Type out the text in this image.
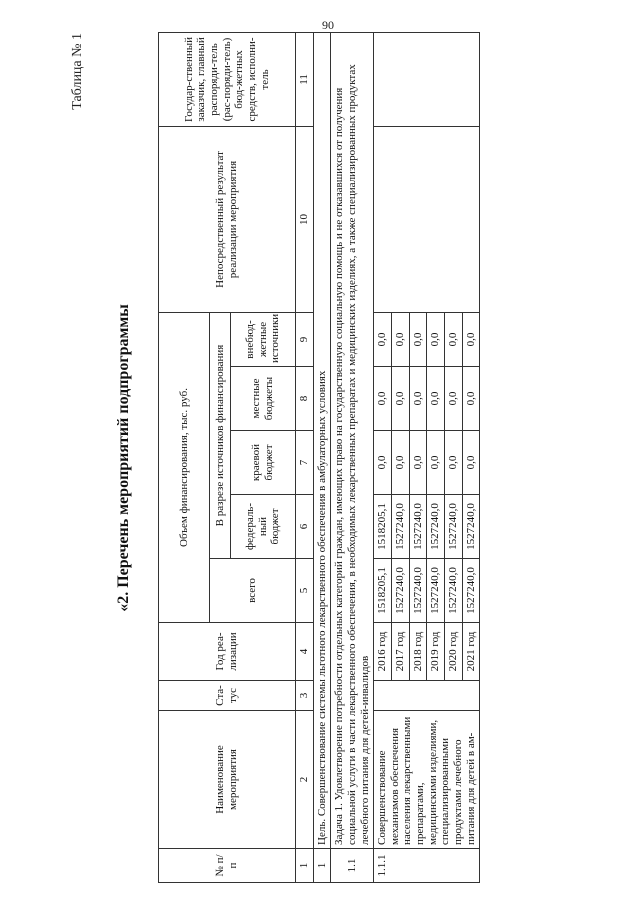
90
Таблица № 1
«2. Перечень мероприятий подпрограммы
№ п/п	Наименование мероприятия	Ста-тус	Год реа-лизации	Объем финансирования, тыс. руб.					Непосредственный результат реализации мероприятия	Государ-ственный заказчик, главный распоряди-тель (рас-поряди-тель) бюд-жетных средств, исполни-тель
				всего	В разрезе источников финансирования					
					федераль-ный бюджет	краевой бюджет	местные бюджеты	внебюд-жетные источники		
1	2	3	4	5	6	7	8	9	10	11
1	Цель. Совершенствование системы льготного лекарственного обеспечения в амбулаторных условиях									
1.1	Задача 1. Удовлетворение потребности отдельных категорий граждан, имеющих право на государственную социальную помощь и не отказавшихся от получения социальной услуги в части лекарственного обеспечения, в необходимых лекарственных препаратах и медицинских изделиях, а также специализированных продуктах лечебного питания для детей-инвалидов									
1.1.1	Совершенствование механизмов обеспечения населения лекарственными препаратами, медицинскими изделиями, специализированными продуктами лечебного питания для детей в ам-		2016 год	1518205,1	1518205,1	0,0	0,0	0,0		
			2017 год	1527240,0	1527240,0	0,0	0,0	0,0		
			2018 год	1527240,0	1527240,0	0,0	0,0	0,0		
			2019 год	1527240,0	1527240,0	0,0	0,0	0,0		
			2020 год	1527240,0	1527240,0	0,0	0,0	0,0		
			2021 год	1527240,0	1527240,0	0,0	0,0	0,0		
